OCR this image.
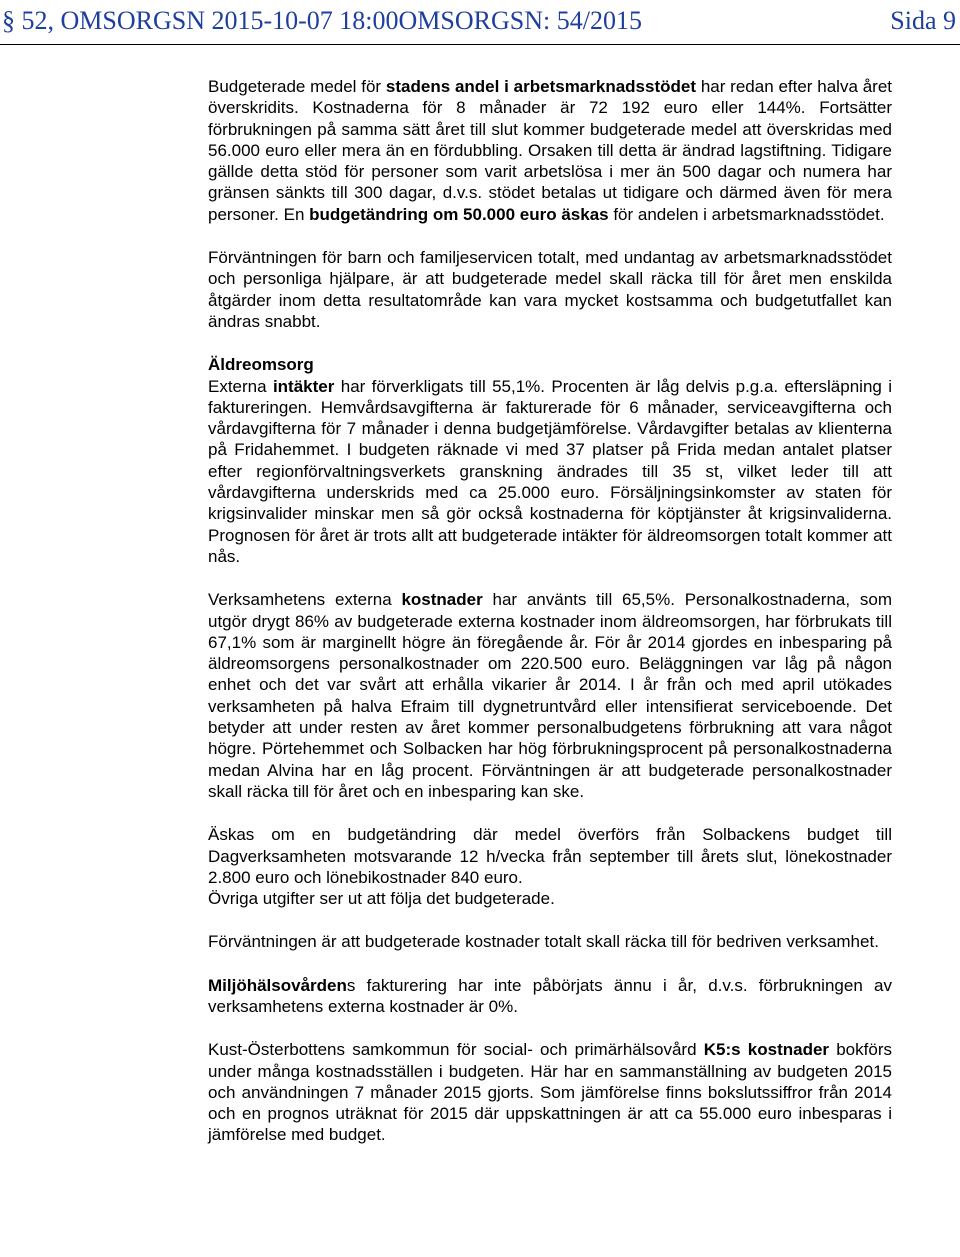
§ 52, OMSORGSN 2015-10-07 18:00OMSORGSN: 54/2015	Sida 9

Budgeterade medel för stadens andel i arbetsmarknadsstödet har redan efter halva året överskridits. Kostnaderna för 8 månader är 72 192 euro eller 144%. Fortsätter förbrukningen på samma sätt året till slut kommer budgeterade medel att överskridas med 56.000 euro eller mera än en fördubbling. Orsaken till detta är ändrad lagstiftning. Tidigare gällde detta stöd för personer som varit arbetslösa i mer än 500 dagar och numera har gränsen sänkts till 300 dagar, d.v.s. stödet betalas ut tidigare och därmed även för mera personer. En budgetändring om 50.000 euro äskas för andelen i arbetsmarknadsstödet.

Förväntningen för barn och familjeservicen totalt, med undantag av arbetsmarknadsstödet och personliga hjälpare, är att budgeterade medel skall räcka till för året men enskilda åtgärder inom detta resultatområde kan vara mycket kostsamma och budgetutfallet kan ändras snabbt.

Äldreomsorg

Externa intäkter har förverkligats till 55,1%. Procenten är låg delvis p.g.a. eftersläpning i faktureringen. Hemvårdsavgifterna är fakturerade för 6 månader, serviceavgifterna och vårdavgifterna för 7 månader i denna budgetjämförelse. Vårdavgifter betalas av klienterna på Fridahemmet. I budgeten räknade vi med 37 platser på Frida medan antalet platser efter regionförvaltningsverkets granskning ändrades till 35 st, vilket leder till att vårdavgifterna underskrids med ca 25.000 euro. Försäljningsinkomster av staten för krigsinvalider minskar men så gör också kostnaderna för köptjänster åt krigsinvaliderna. Prognosen för året är trots allt att budgeterade intäkter för äldreomsorgen totalt kommer att nås.

Verksamhetens externa kostnader har använts till 65,5%. Personalkostnaderna, som utgör drygt 86% av budgeterade externa kostnader inom äldreomsorgen, har förbrukats till 67,1% som är marginellt högre än föregående år. För år 2014 gjordes en inbesparing på äldreomsorgens personalkostnader om 220.500 euro. Beläggningen var låg på någon enhet och det var svårt att erhålla vikarier år 2014. I år från och med april utökades verksamheten på halva Efraim till dygnetruntvård eller intensifierat serviceboende. Det betyder att under resten av året kommer personalbudgetens förbrukning att vara något högre. Pörtehemmet och Solbacken har hög förbrukningsprocent på personalkostnaderna medan Alvina har en låg procent. Förväntningen är att budgeterade personalkostnader skall räcka till för året och en inbesparing kan ske.

Äskas om en budgetändring där medel överförs från Solbackens budget till Dagverksamheten motsvarande 12 h/vecka från september till årets slut, lönekostnader 2.800 euro och lönebikostnader 840 euro.

Övriga utgifter ser ut att följa det budgeterade.

Förväntningen är att budgeterade kostnader totalt skall räcka till för bedriven verksamhet.

Miljöhälsovårdens fakturering har inte påbörjats ännu i år, d.v.s. förbrukningen av verksamhetens externa kostnader är 0%.

Kust-Österbottens samkommun för social- och primärhälsovård K5:s kostnader bokförs under många kostnadsställen i budgeten. Här har en sammanställning av budgeten 2015 och användningen 7 månader 2015 gjorts. Som jämförelse finns bokslutssiffror från 2014 och en prognos uträknat för 2015 där uppskattningen är att ca 55.000 euro inbesparas i jämförelse med budget.
